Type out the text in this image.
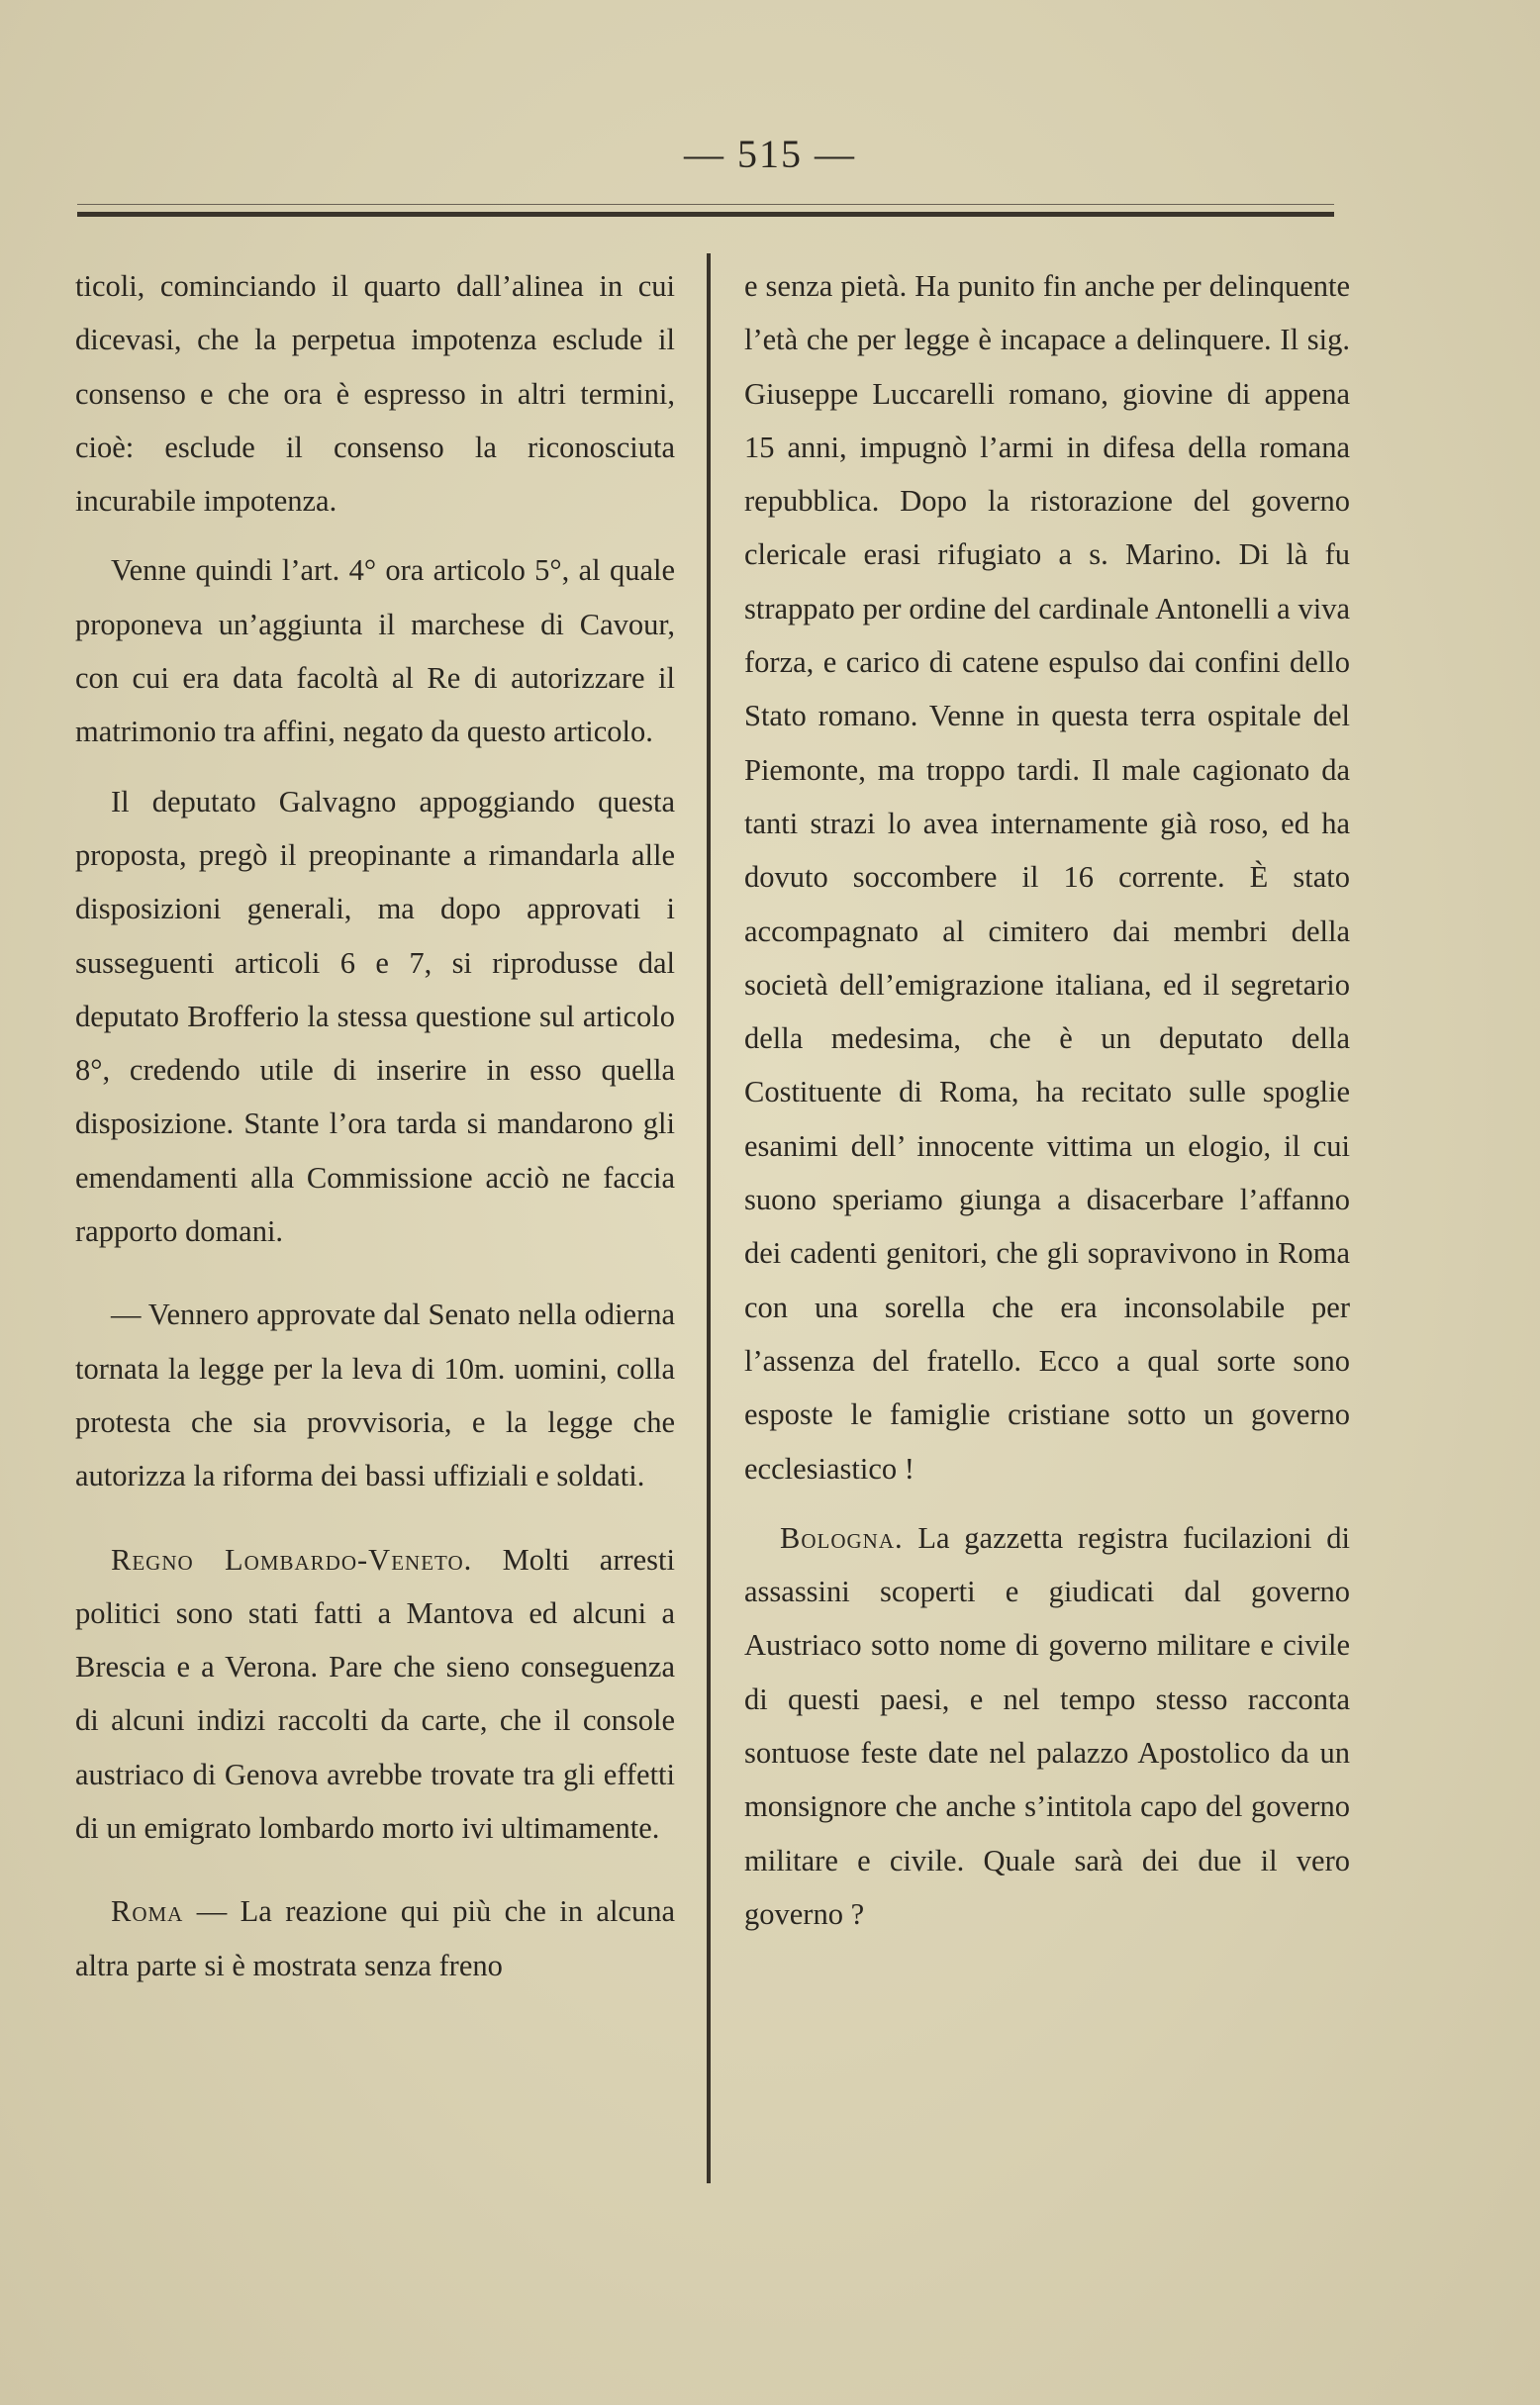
— 515 —

ticoli, cominciando il quarto dall’alinea in cui dicevasi, che la perpetua impotenza esclude il consenso e che ora è espresso in altri termini, cioè: esclude il consenso la riconosciuta incurabile impotenza.

Venne quindi l’art. 4° ora articolo 5°, al quale proponeva un’aggiunta il marchese di Cavour, con cui era data facoltà al Re di autorizzare il matrimonio tra affini, negato da questo articolo.

Il deputato Galvagno appoggiando questa proposta, pregò il preopinante a rimandarla alle disposizioni generali, ma dopo approvati i susseguenti articoli 6 e 7, si riprodusse dal deputato Brofferio la stessa questione sul articolo 8°, credendo utile di inserire in esso quella disposizione. Stante l’ora tarda si mandarono gli emendamenti alla Commissione acciò ne faccia rapporto domani.

— Vennero approvate dal Senato nella odierna tornata la legge per la leva di 10m. uomini, colla protesta che sia provvisoria, e la legge che autorizza la riforma dei bassi uffiziali e soldati.

Regno Lombardo-Veneto. Molti arresti politici sono stati fatti a Mantova ed alcuni a Brescia e a Verona. Pare che sieno conseguenza di alcuni indizi raccolti da carte, che il console austriaco di Genova avrebbe trovate tra gli effetti di un emigrato lombardo morto ivi ultimamente.

Roma — La reazione qui più che in alcuna altra parte si è mostrata senza freno

e senza pietà. Ha punito fin anche per delinquente l’età che per legge è incapace a delinquere. Il sig. Giuseppe Luccarelli romano, giovine di appena 15 anni, impugnò l’armi in difesa della romana repubblica. Dopo la ristorazione del governo clericale erasi rifugiato a s. Marino. Di là fu strappato per ordine del cardinale Antonelli a viva forza, e carico di catene espulso dai confini dello Stato romano. Venne in questa terra ospitale del Piemonte, ma troppo tardi. Il male cagionato da tanti strazi lo avea internamente già roso, ed ha dovuto soccombere il 16 corrente. È stato accompagnato al cimitero dai membri della società dell’emigrazione italiana, ed il segretario della medesima, che è un deputato della Costituente di Roma, ha recitato sulle spoglie esanimi dell’ innocente vittima un elogio, il cui suono speriamo giunga a disacerbare l’affanno dei cadenti genitori, che gli sopravivono in Roma con una sorella che era inconsolabile per l’assenza del fratello. Ecco a qual sorte sono esposte le famiglie cristiane sotto un governo ecclesiastico !

Bologna. La gazzetta registra fucilazioni di assassini scoperti e giudicati dal governo Austriaco sotto nome di governo militare e civile di questi paesi, e nel tempo stesso racconta sontuose feste date nel palazzo Apostolico da un monsignore che anche s’intitola capo del governo militare e civile. Quale sarà dei due il vero governo ?
